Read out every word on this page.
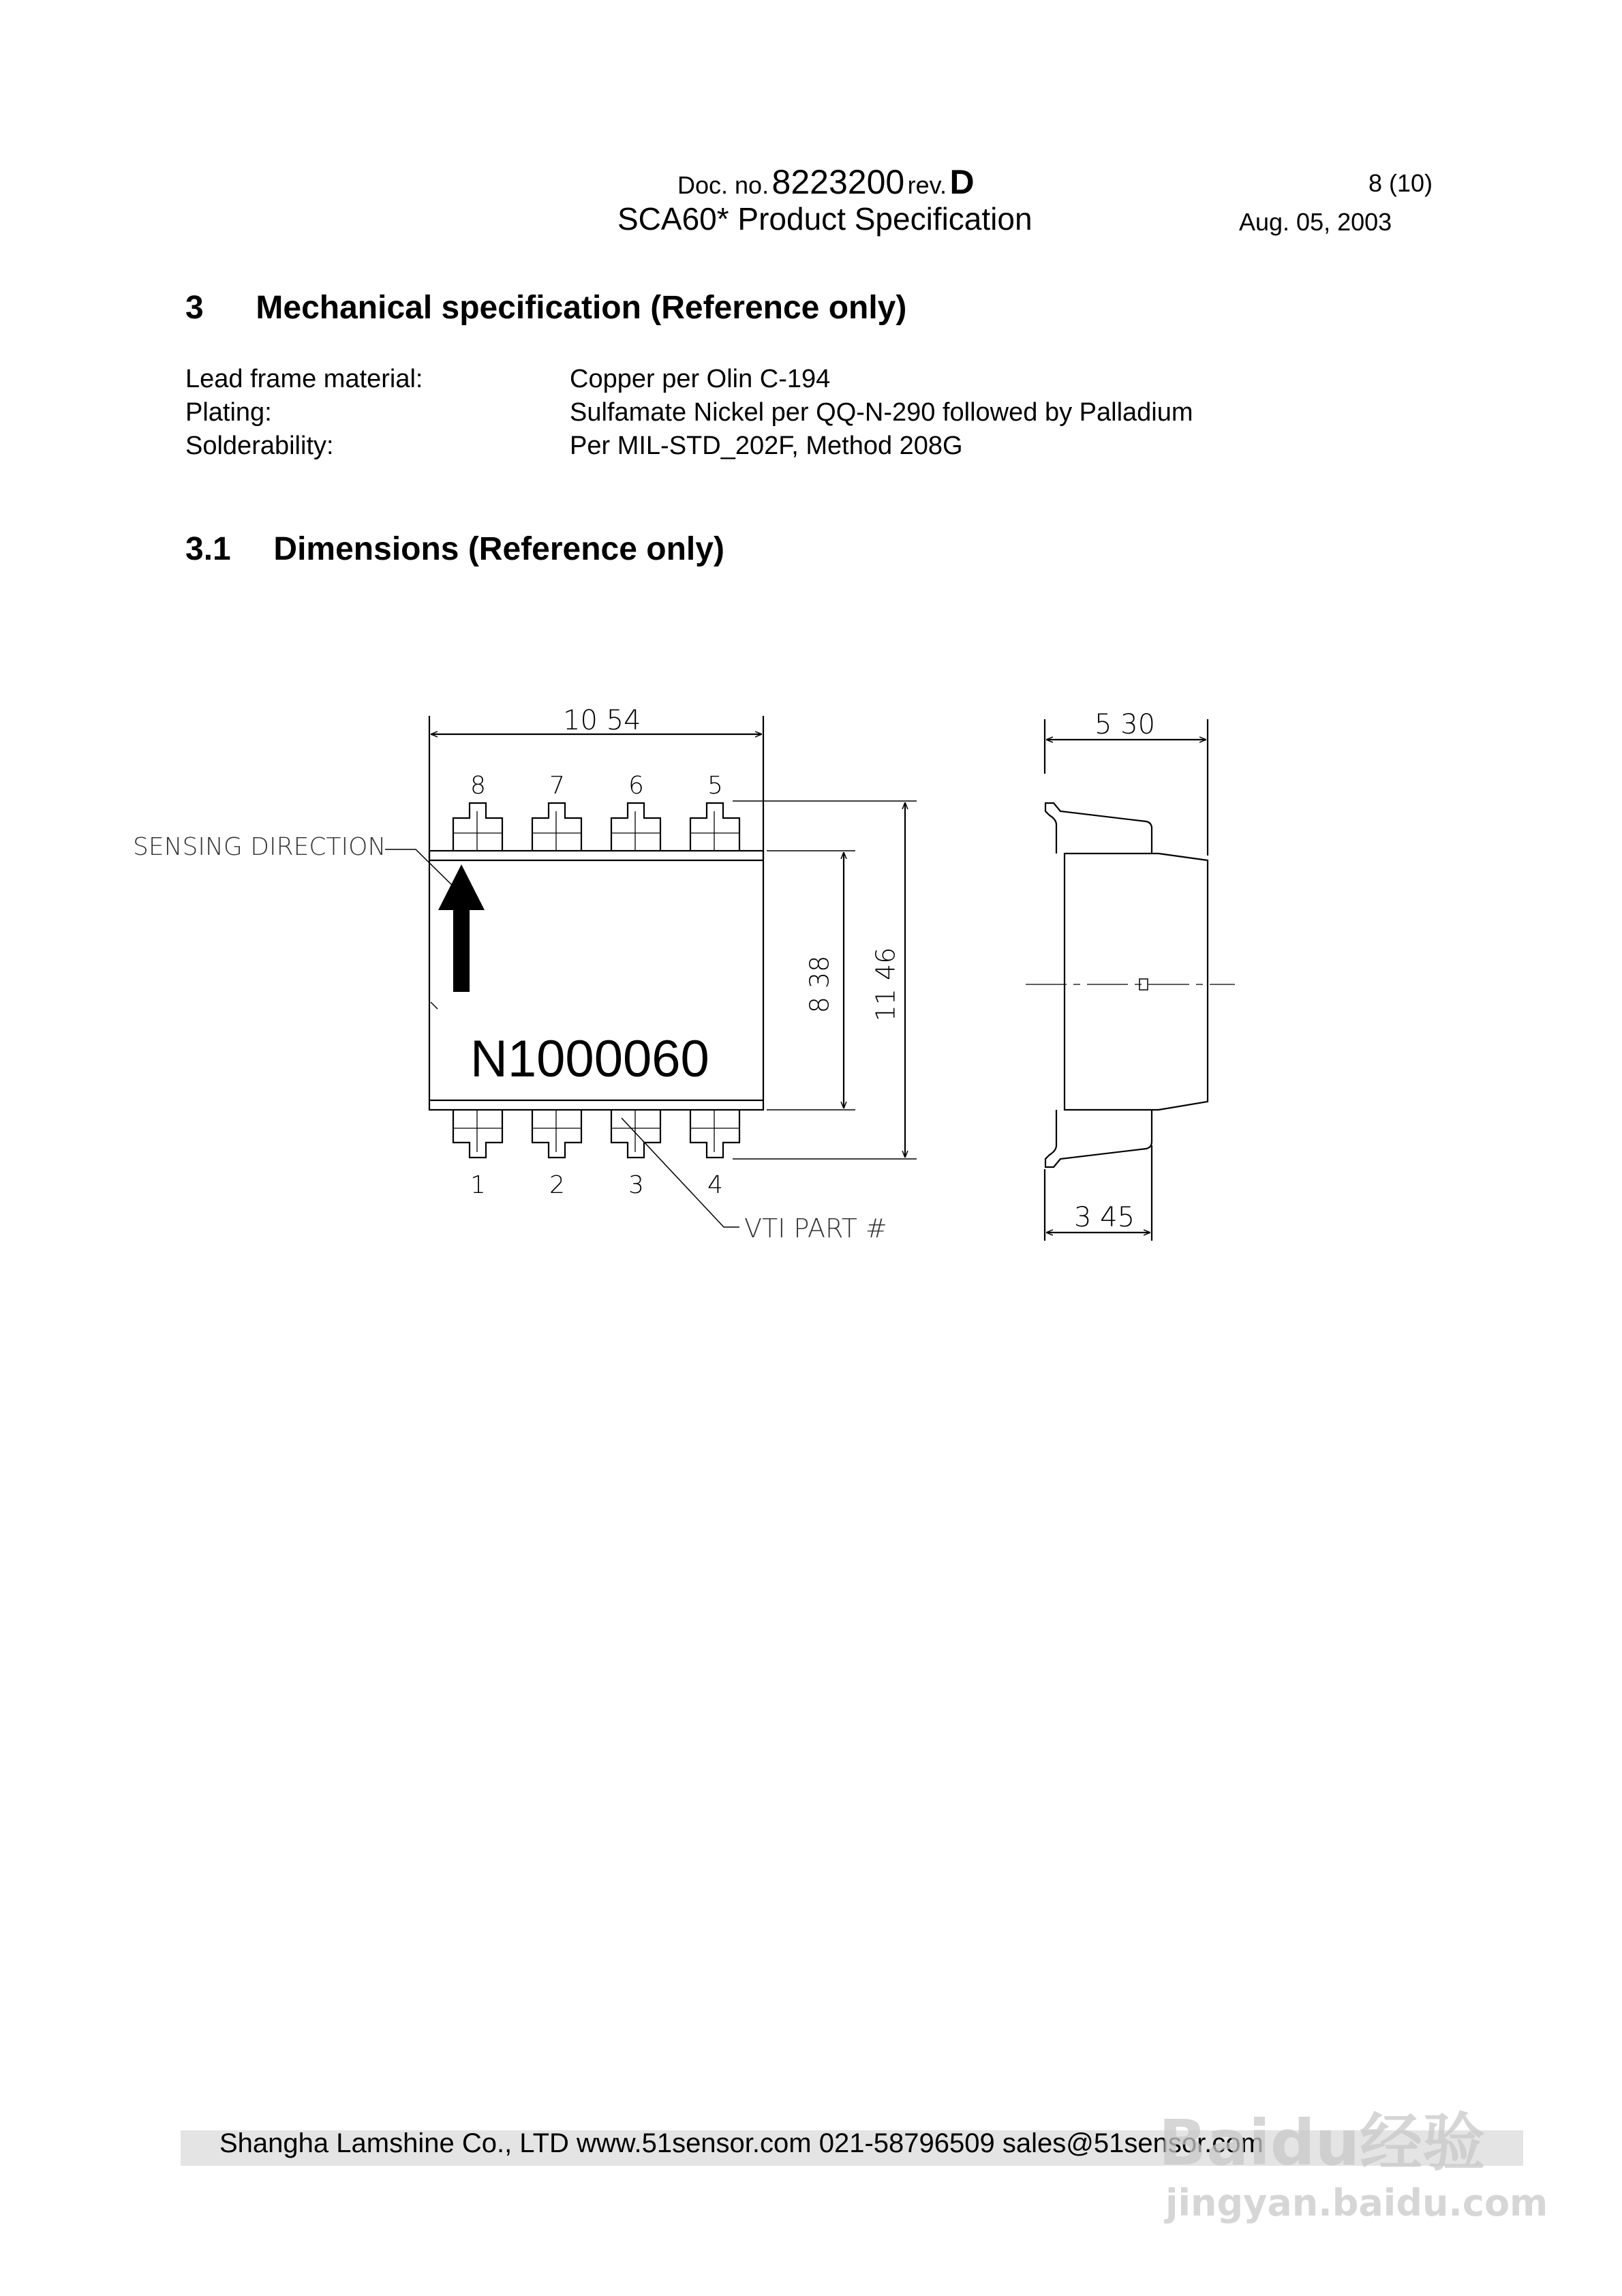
Doc. no. 8223200 rev. D	8 (10)
SCA60* Product Specification	Aug. 05, 2003
3 Mechanical specification (Reference only)
Lead frame material:	Copper per Olin C-194
Plating:	Sulfamate Nickel per QQ-N-290 followed by Palladium
Solderability:	Per MIL-STD_202F, Method 208G
3.1 Dimensions (Reference only)
10 54	5 30
3 45
8	7	6	5
1	2	3	4
SENSING DIRECTION
VTI PART #
8 38 11 46
N1000060
Shangha Lamshine Co., LTD www.51sensor.com 021-58796509 sales@51sensor.com
Baidu经验
jingyan.baidu.com
